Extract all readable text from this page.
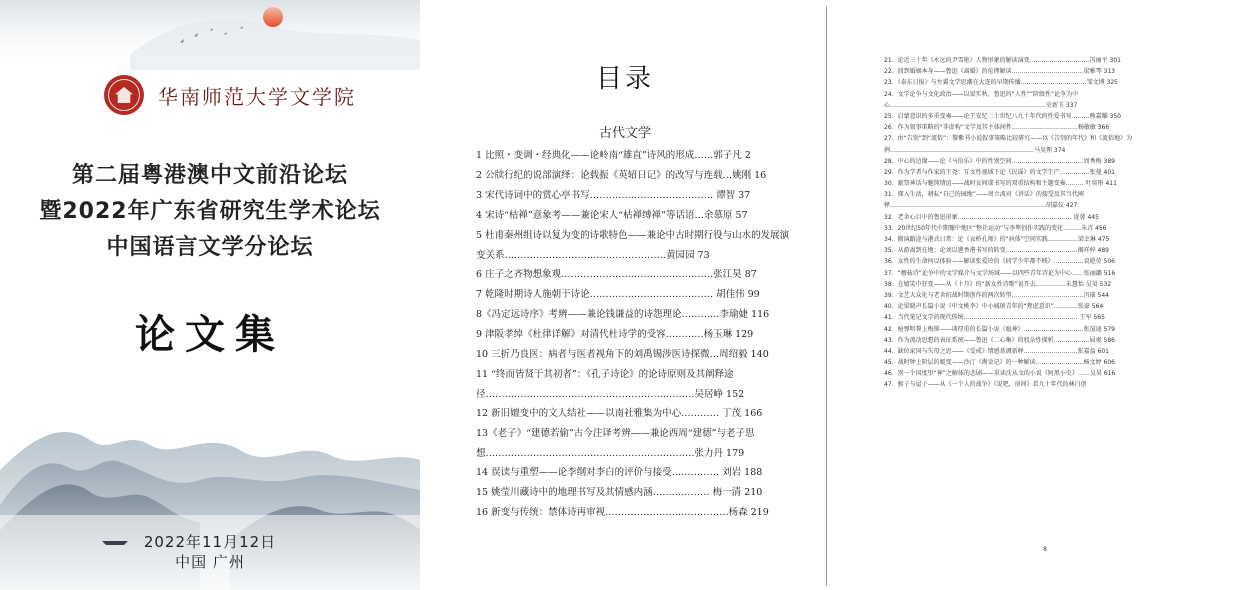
华南师范大学文学院
第二届粤港澳中文前沿论坛
暨2022年广东省研究生学术论坛
中国语言文学分论坛
论文集
2022年11月12日
中国 广州
目录
古代文学
1 比照・变调・经典化——论岭南“雄直”诗风的形成……郭子凡 2
2 公牍行纪的说部演绎：论载振《英轺日记》的改写与连载…姚刚 16
3 宋代诗词中的赏心亭书写………………………………… 谭智 37
4 宋诗“枯禅”意象考——兼论宋人“枯禅缚禅”等话语…余慕原 57
5 杜甫秦州组诗以复为变的诗歌特色——兼论中古时期行役与山水的发展演变关系……………………………………………黄园园 73
6 庄子之齐物想象观…………………………………………张江昊 87
7 乾隆时期诗人施朝干诗论………………………………… 胡佳伟 99
8《冯定远诗序》考辨——兼论钱谦益的诗怨理论…………李瑜婕 116
9 津阪孝绰《杜律详解》对清代杜诗学的受容…………杨玉琳 129
10 三折乃良医：病者与医者视角下的刘禹锡涉医诗探微…周绍毅 140
11 “终而皆贤于其初者”：《孔子诗论》的论诗原则及其阐释途径…………………………………………………………吴居峥 152
12 新旧嬗变中的文人结社——以南社雅集为中心………… 丁茂 166
13《老子》“建德若偷”古今注译考辨——兼论西周“建德”与老子思想…………………………………………………………张力丹 179
14 误读与重塑——论李纲对李白的评价与接受…………… 刘岩 188
15 姚莹川藏诗中的地理书写及其情感内涵……………… 梅一清 210
16 新变与传统：禁体诗再审视…………………………………杨森 219
21．论近三十年《永远的尹雪艳》人物形象的解读演变…………………………冯丽平 301
22．回到婚姻本身——鲁迅《离婚》的伦理解读………………………………梁雅琴 313
23．《泰东日报》与左翼文学思潮在大连的早期传播……………………………邹文博 325
24．文学论争与文化政治——以梁实秋、鲁迅的“人性”“阶级性”论争为中心……………………………………………………………………史新玉 337
25．启蒙意识的多重变奏——论王安忆二十世纪八九十年代的性爱书写………熊嘉耀 350
26．作为叙事策略的“非虚构”文学及其主体间性……………………………杨敏敏 366
27．由“告别”到“流俗”：黎紫书小说叙事策略比较研究——以《告别的年代》和《流俗地》为例………………………………………………………………马昊俚 374
28．中心的边缘——论《马伯乐》中的性别空间………………………………周秀梅 389
29．作为学者与作家的王尧：互文性视域下论《民谣》的文学生产……………张曼 401
30．献祭神话与魅钝情谊——战时女间谍书写的双重结构和主题变奏……… 叶奕彤 411
31．探入生活，耕耘“自己的园地”——周立波对《讲话》的接受及其当代阐释……………………………………………………………………胡嘉仪 427
32．老舍心目中的鲁迅形象………………………………………………… 庞蓉 445
33．20世纪50年代中期豫中地区“整社运动”与李準创作实践的变化………朱青 456
34．搬演路途与港式日常：论《哀桥孔师》的“病体”空间实践……………梁幸琳 475
35．从游离到在地：论刘以鬯香港书写的转变………………………………揭祥梓 489
36．女性的生命何以体验——解读张爱玲的《同学少年都不贱》……………袁皑荧 506
37．“蘑菇诗”论争中的文学媒介与文学场域——以四些青年诗论为中心……张丽璐 516
38．在嬉笑中狂变——从《十月》的“新女性诗歌”说开去……………朱慧怡 吴昊 532
39．文艺大众化与老舍抗战时期创作的两次转型………………………………冯瑶 544
40．论梁晓声长篇小说《中文桃李》中小城镇青年的“焦虑意识”…………张豪 564
41．当代笔记文学的现代传统………………………………………………… 王军 565
42．枪弹明誓上梅锁——谈厚重的长篇小说《瘟神》…………………………张渲迪 579
43．作为流动思想的表征系统——鲁迅《二心集》的驳杂性探析………………屈爽 586
44．缺位家国与失母之思——《受戒》情感基调新释………………………张嘉益 601
45．战时钟上阶层的暧变——沙汀《淘金记》的一种解读……………………杨文婷 606
46．别一个国度里“神”之解体的悲剧——重读沈从文的小说《阿黑小史》……吴昊 616
47．猴子与屋子——从《一个人的战争》《说吧，房间》看九十年代的林白创
8
